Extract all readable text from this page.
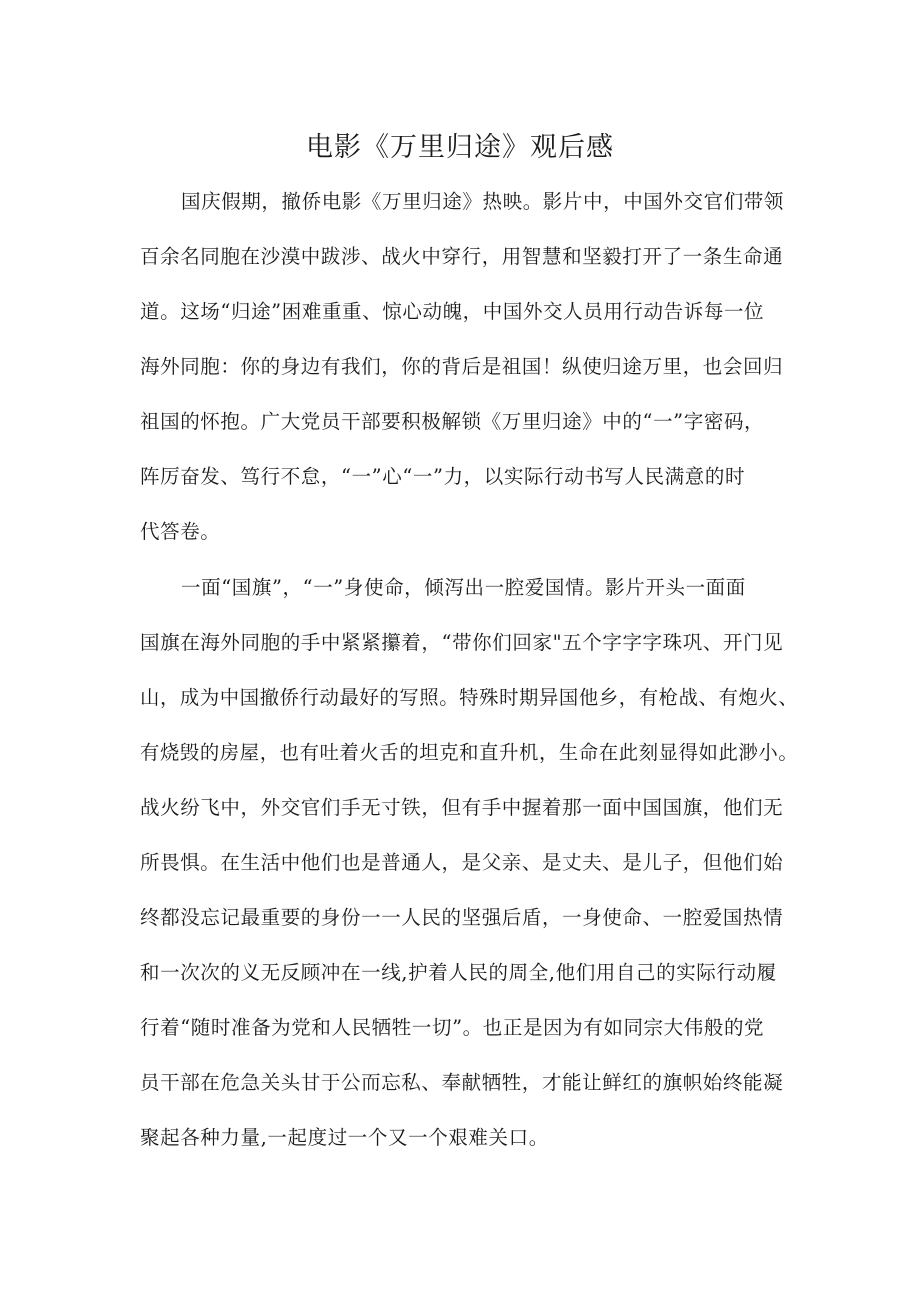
电影《万里归途》观后感
国庆假期，撤侨电影《万里归途》热映。影片中，中国外交官们带领
百余名同胞在沙漠中跋涉、战火中穿行，用智慧和坚毅打开了一条生命通
道。这场“归途”困难重重、惊心动魄，中国外交人员用行动告诉每一位
海外同胞：你的身边有我们，你的背后是祖国！纵使归途万里，也会回归
祖国的怀抱。广大党员干部要积极解锁《万里归途》中的“一”字密码，
阵厉奋发、笃行不怠，“一”心“一”力，以实际行动书写人民满意的时
代答卷。
一面“国旗”，“一”身使命，倾泻出一腔爱国情。影片开头一面面
国旗在海外同胞的手中紧紧攥着，“带你们回家"五个字字字珠巩、开门见
山，成为中国撤侨行动最好的写照。特殊时期异国他乡，有枪战、有炮火、
有烧毁的房屋，也有吐着火舌的坦克和直升机，生命在此刻显得如此渺小。
战火纷飞中，外交官们手无寸铁，但有手中握着那一面中国国旗，他们无
所畏惧。在生活中他们也是普通人，是父亲、是丈夫、是儿子，但他们始
终都没忘记最重要的身份一一人民的坚强后盾，一身使命、一腔爱国热情
和一次次的义无反顾冲在一线,护着人民的周全,他们用自己的实际行动履
行着“随时准备为党和人民牺牲一切”。也正是因为有如同宗大伟般的党
员干部在危急关头甘于公而忘私、奉献牺牲，才能让鲜红的旗帜始终能凝
聚起各种力量,一起度过一个又一个艰难关口。
